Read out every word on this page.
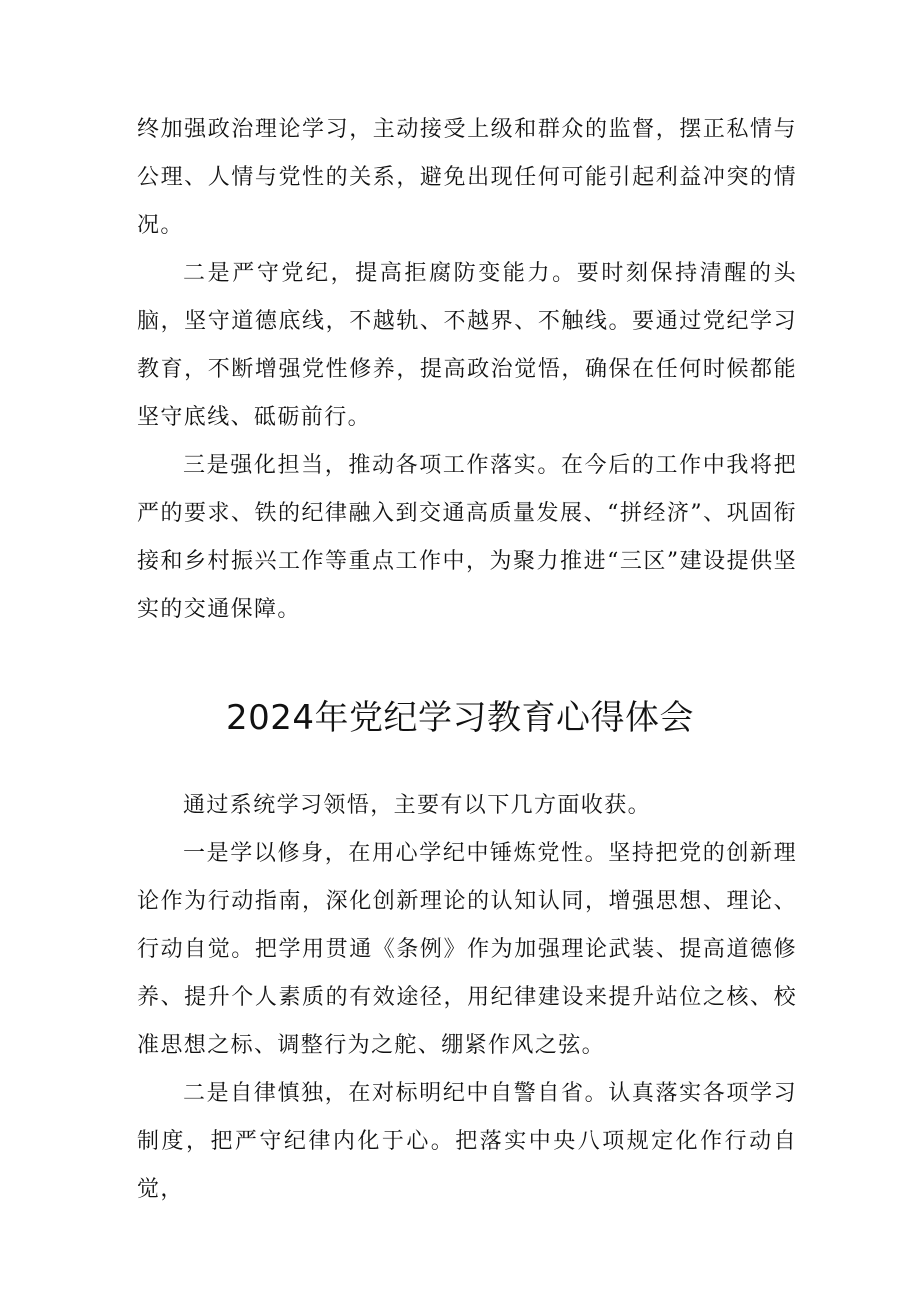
终加强政治理论学习，主动接受上级和群众的监督，摆正私情与公理、人情与党性的关系，避免出现任何可能引起利益冲突的情况。

二是严守党纪，提高拒腐防变能力。要时刻保持清醒的头脑，坚守道德底线，不越轨、不越界、不触线。要通过党纪学习教育，不断增强党性修养，提高政治觉悟，确保在任何时候都能坚守底线、砥砺前行。

三是强化担当，推动各项工作落实。在今后的工作中我将把严的要求、铁的纪律融入到交通高质量发展、“拼经济”、巩固衔接和乡村振兴工作等重点工作中，为聚力推进“三区”建设提供坚实的交通保障。

2024年党纪学习教育心得体会

通过系统学习领悟，主要有以下几方面收获。

一是学以修身，在用心学纪中锤炼党性。坚持把党的创新理论作为行动指南，深化创新理论的认知认同，增强思想、理论、行动自觉。把学用贯通《条例》作为加强理论武装、提高道德修养、提升个人素质的有效途径，用纪律建设来提升站位之核、校准思想之标、调整行为之舵、绷紧作风之弦。

二是自律慎独，在对标明纪中自警自省。认真落实各项学习制度，把严守纪律内化于心。把落实中央八项规定化作行动自觉，
